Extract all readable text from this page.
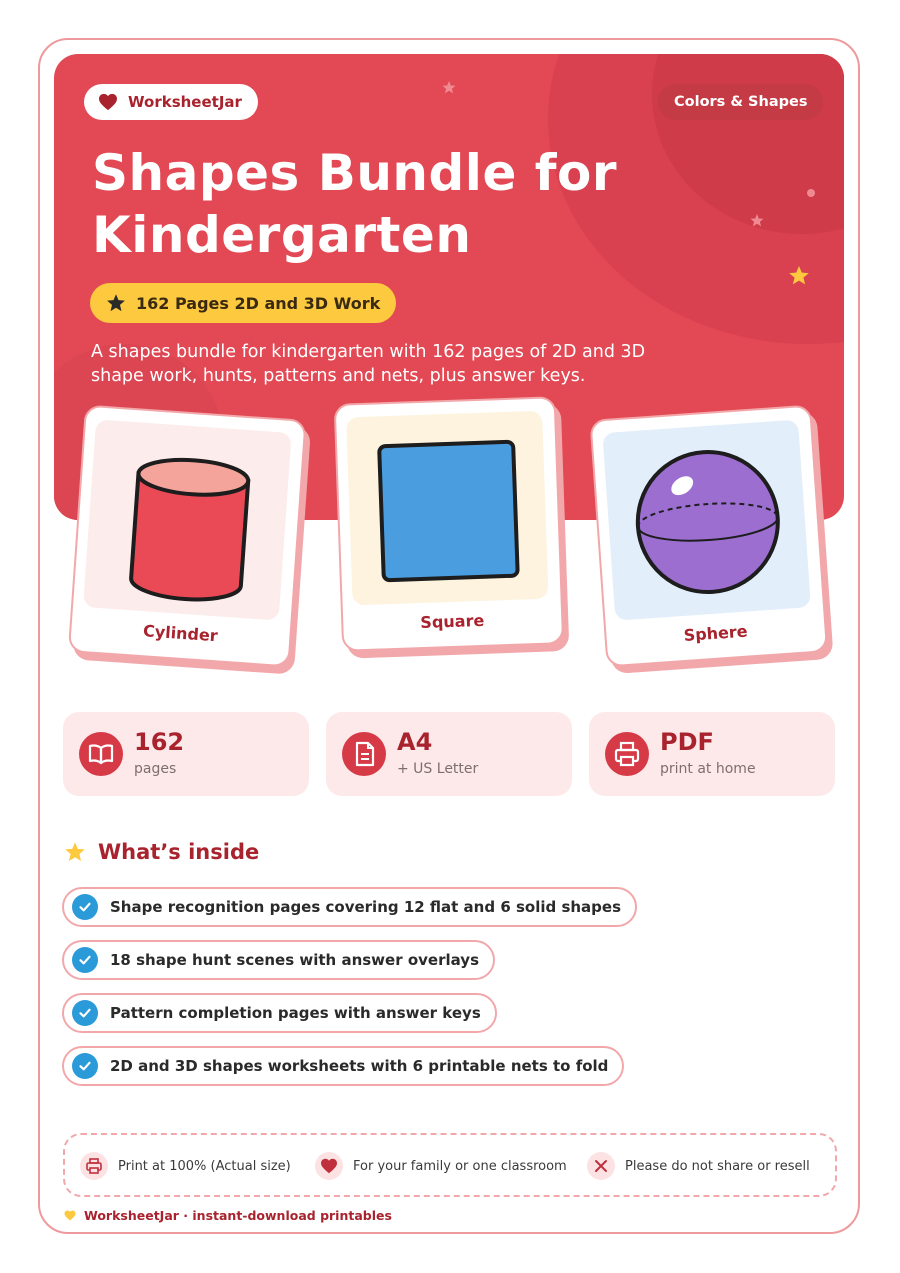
WorksheetJar	Colors & Shapes
Shapes Bundle for Kindergarten
162 Pages 2D and 3D Work

A shapes bundle for kindergarten with 162 pages of 2D and 3D shape work, hunts, patterns and nets, plus answer keys.

Cylinder	Square
Sphere
162
pages
A4
+ US Letter
PDF
print at home
What’s inside
Shape recognition pages covering 12 flat and 6 solid shapes
18 shape hunt scenes with answer overlays
Pattern completion pages with answer keys
2D and 3D shapes worksheets with 6 printable nets to fold
Print at 100% (Actual size)	For your family or one classroom	Please do not share or resell
WorksheetJar · instant-download printables
